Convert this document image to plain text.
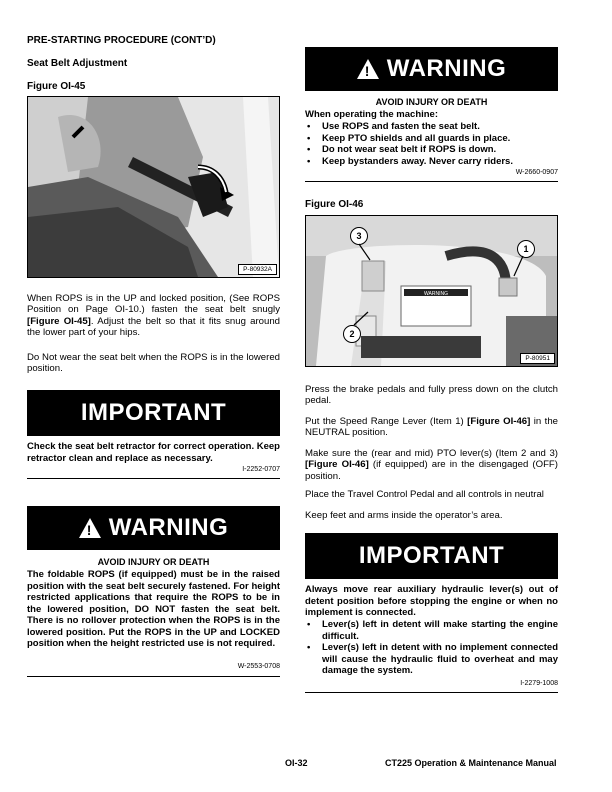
PRE-STARTING PROCEDURE (CONT’D)
Seat Belt Adjustment
Figure OI-45
P-80932A
When ROPS is in the UP and locked position, (See ROPS Position on Page OI-10.) fasten the seat belt snugly [Figure OI-45]. Adjust the belt so that it fits snug around the lower part of your hips.
Do Not wear the seat belt when the ROPS is in the lowered position.
IMPORTANT
Check the seat belt retractor for correct operation. Keep retractor clean and replace as necessary.
I-2252-0707
! WARNING
AVOID INJURY OR DEATH
The foldable ROPS (if equipped) must be in the raised position with the seat belt securely fastened. For height restricted applications that require the ROPS to be in the lowered position, DO NOT fasten the seat belt. There is no rollover protection when the ROPS is in the lowered position. Put the ROPS in the UP and LOCKED position when the height restricted use is not required.
W-2553-0708
! WARNING
AVOID INJURY OR DEATH
When operating the machine:
• Use ROPS and fasten the seat belt.
• Keep PTO shields and all guards in place.
• Do not wear seat belt if ROPS is down.
• Keep bystanders away. Never carry riders.
W-2660-0907
Figure OI-46
WARNING
3
1
2
P-80951
Press the brake pedals and fully press down on the clutch pedal.
Put the Speed Range Lever (Item 1) [Figure OI-46] in the NEUTRAL position.
Make sure the (rear and mid) PTO lever(s) (Item 2 and 3) [Figure OI-46] (if equipped) are in the disengaged (OFF) position.
Place the Travel Control Pedal and all controls in neutral
Keep feet and arms inside the operator’s area.
IMPORTANT
Always move rear auxiliary hydraulic lever(s) out of detent position before stopping the engine or when no implement is connected.
• Lever(s) left in detent will make starting the engine difficult.
• Lever(s) left in detent with no implement connected will cause the hydraulic fluid to overheat and may damage the system.
I-2279-1008
OI-32	CT225 Operation & Maintenance Manual
